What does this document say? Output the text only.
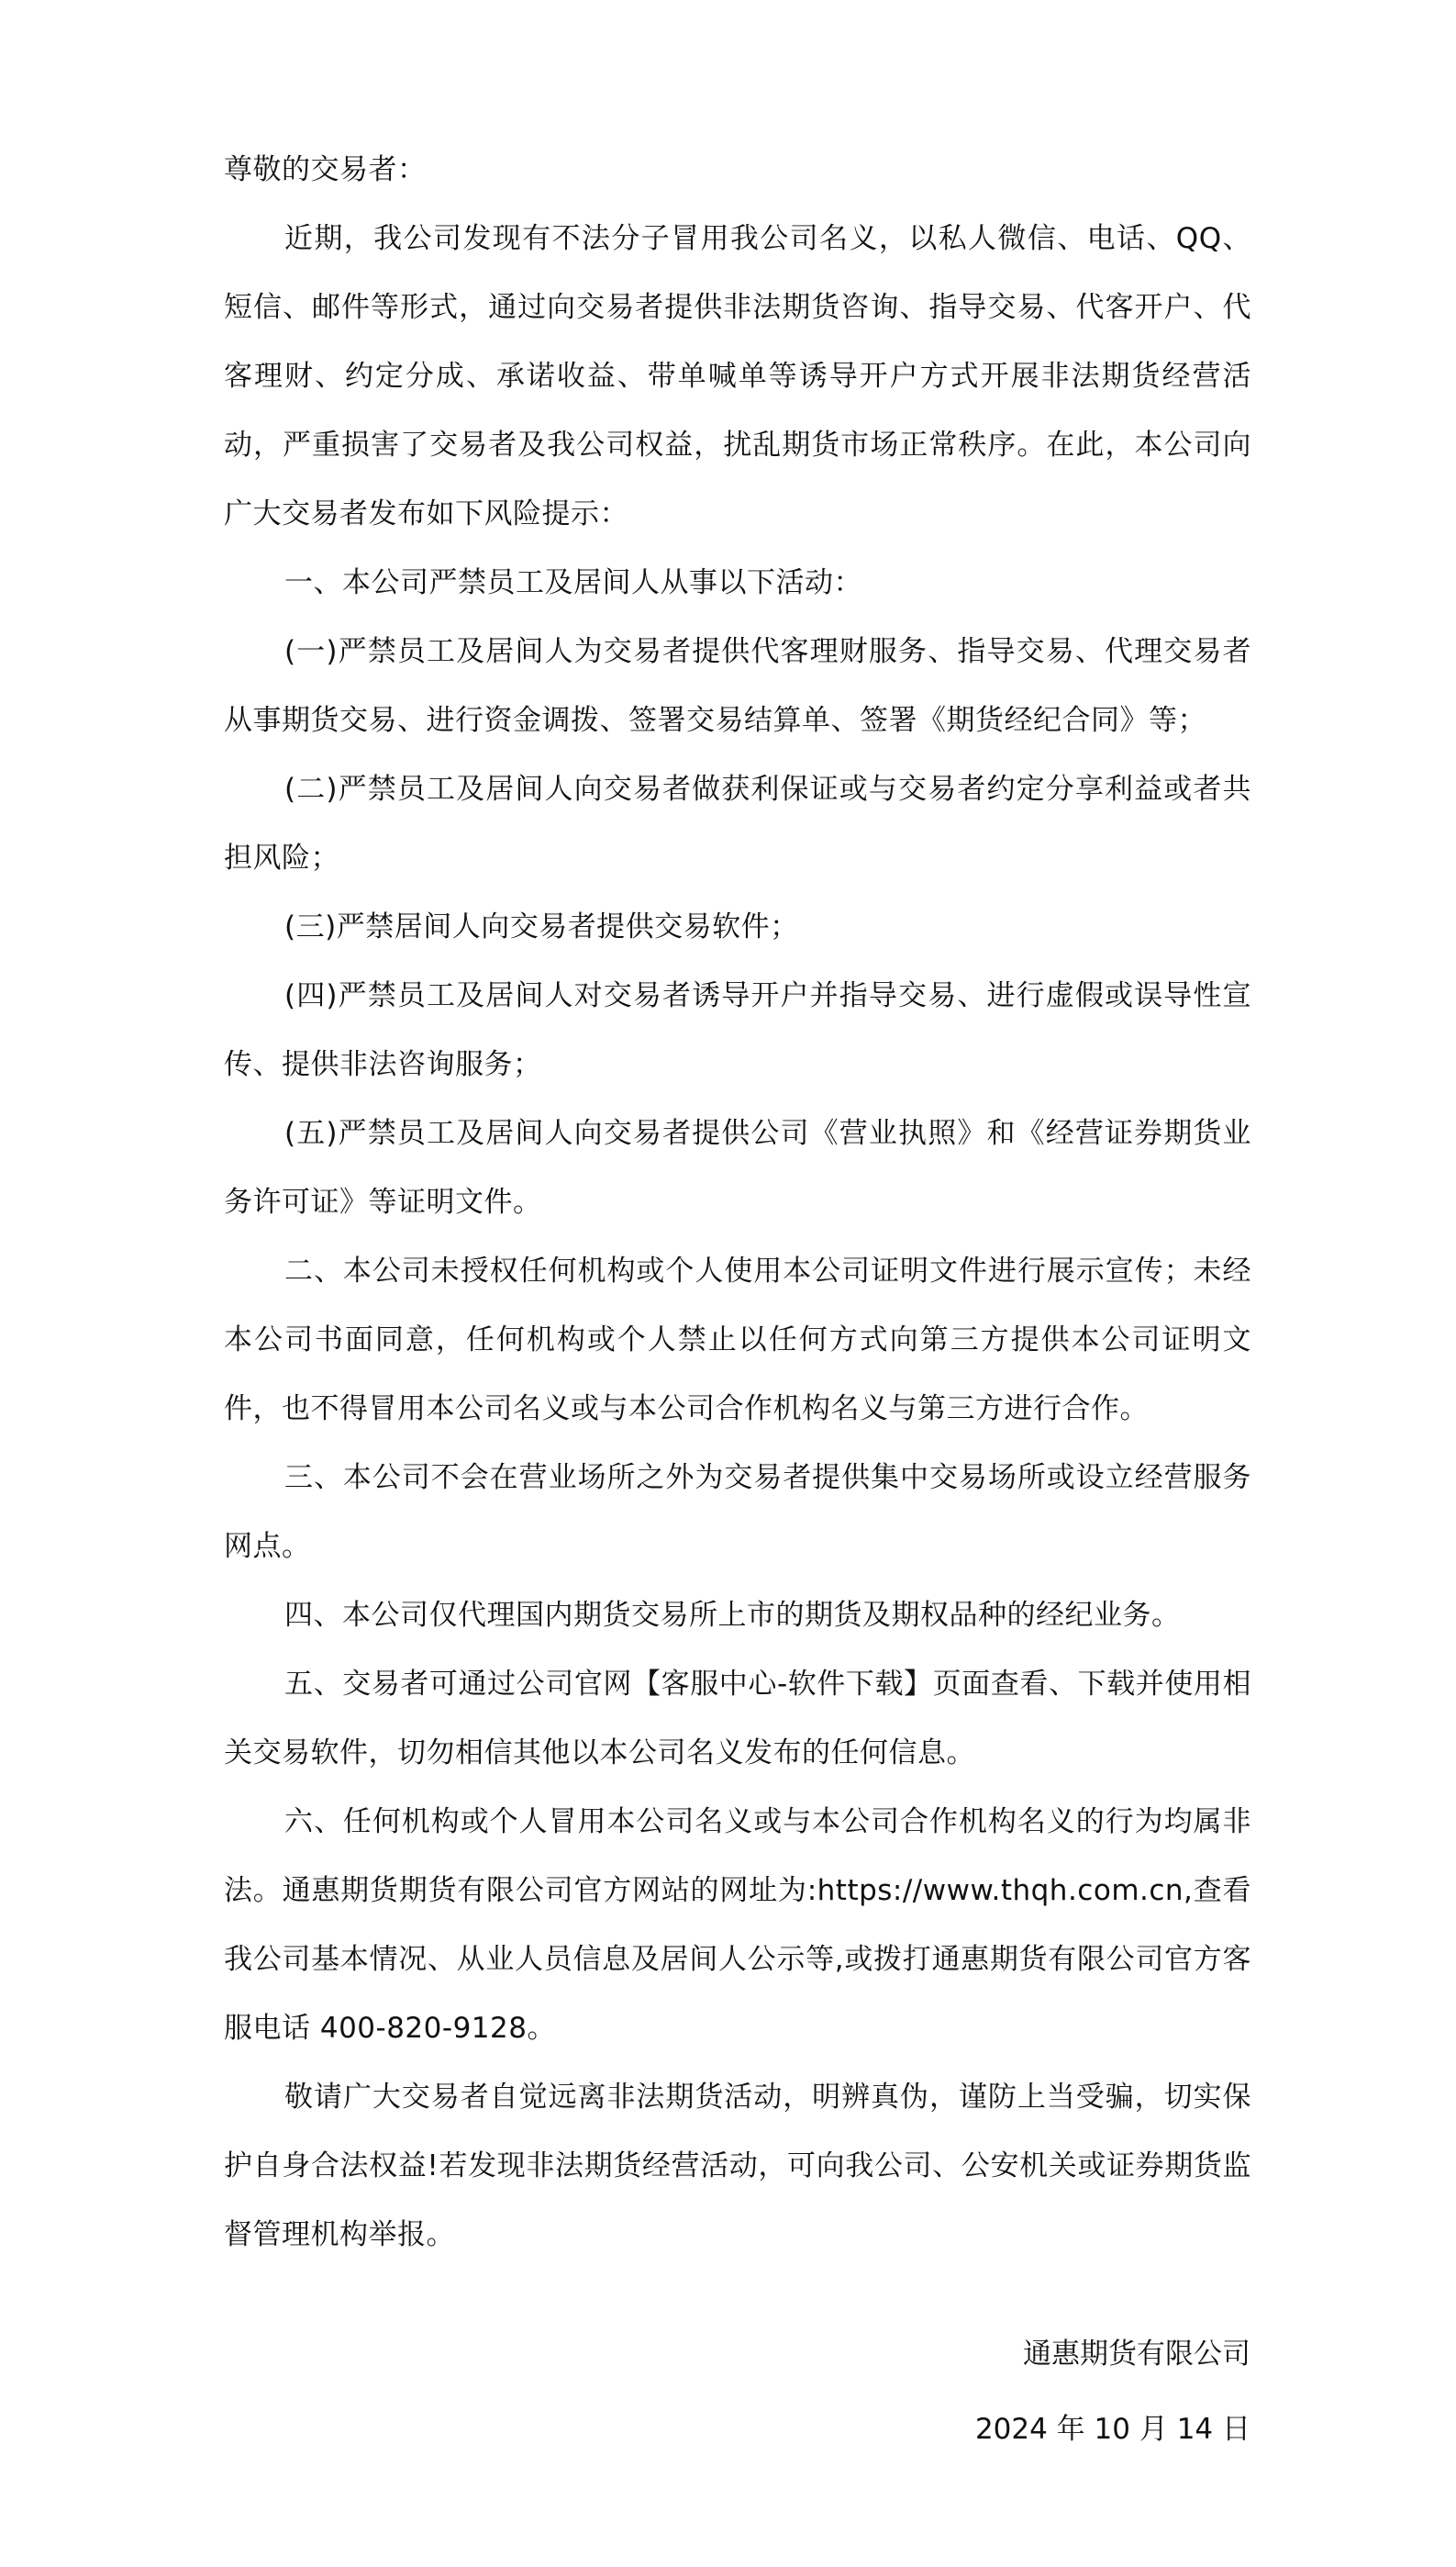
尊敬的交易者：

近期，我公司发现有不法分子冒用我公司名义，以私人微信、电话、QQ、短信、邮件等形式，通过向交易者提供非法期货咨询、指导交易、代客开户、代客理财、约定分成、承诺收益、带单喊单等诱导开户方式开展非法期货经营活动，严重损害了交易者及我公司权益，扰乱期货市场正常秩序。在此，本公司向广大交易者发布如下风险提示：

一、本公司严禁员工及居间人从事以下活动：

(一)严禁员工及居间人为交易者提供代客理财服务、指导交易、代理交易者从事期货交易、进行资金调拨、签署交易结算单、签署《期货经纪合同》等；

(二)严禁员工及居间人向交易者做获利保证或与交易者约定分享利益或者共担风险；

(三)严禁居间人向交易者提供交易软件；

(四)严禁员工及居间人对交易者诱导开户并指导交易、进行虚假或误导性宣传、提供非法咨询服务；

(五)严禁员工及居间人向交易者提供公司《营业执照》和《经营证券期货业务许可证》等证明文件。

二、本公司未授权任何机构或个人使用本公司证明文件进行展示宣传；未经本公司书面同意，任何机构或个人禁止以任何方式向第三方提供本公司证明文件，也不得冒用本公司名义或与本公司合作机构名义与第三方进行合作。

三、本公司不会在营业场所之外为交易者提供集中交易场所或设立经营服务网点。

四、本公司仅代理国内期货交易所上市的期货及期权品种的经纪业务。

五、交易者可通过公司官网【客服中心-软件下载】页面查看、下载并使用相关交易软件，切勿相信其他以本公司名义发布的任何信息。

六、任何机构或个人冒用本公司名义或与本公司合作机构名义的行为均属非法。通惠期货期货有限公司官方网站的网址为:https://www.thqh.com.cn,查看我公司基本情况、从业人员信息及居间人公示等,或拨打通惠期货有限公司官方客服电话 400-820-9128。

敬请广大交易者自觉远离非法期货活动，明辨真伪，谨防上当受骗，切实保护自身合法权益!若发现非法期货经营活动，可向我公司、公安机关或证券期货监督管理机构举报。

通惠期货有限公司

2024 年 10 月 14 日
